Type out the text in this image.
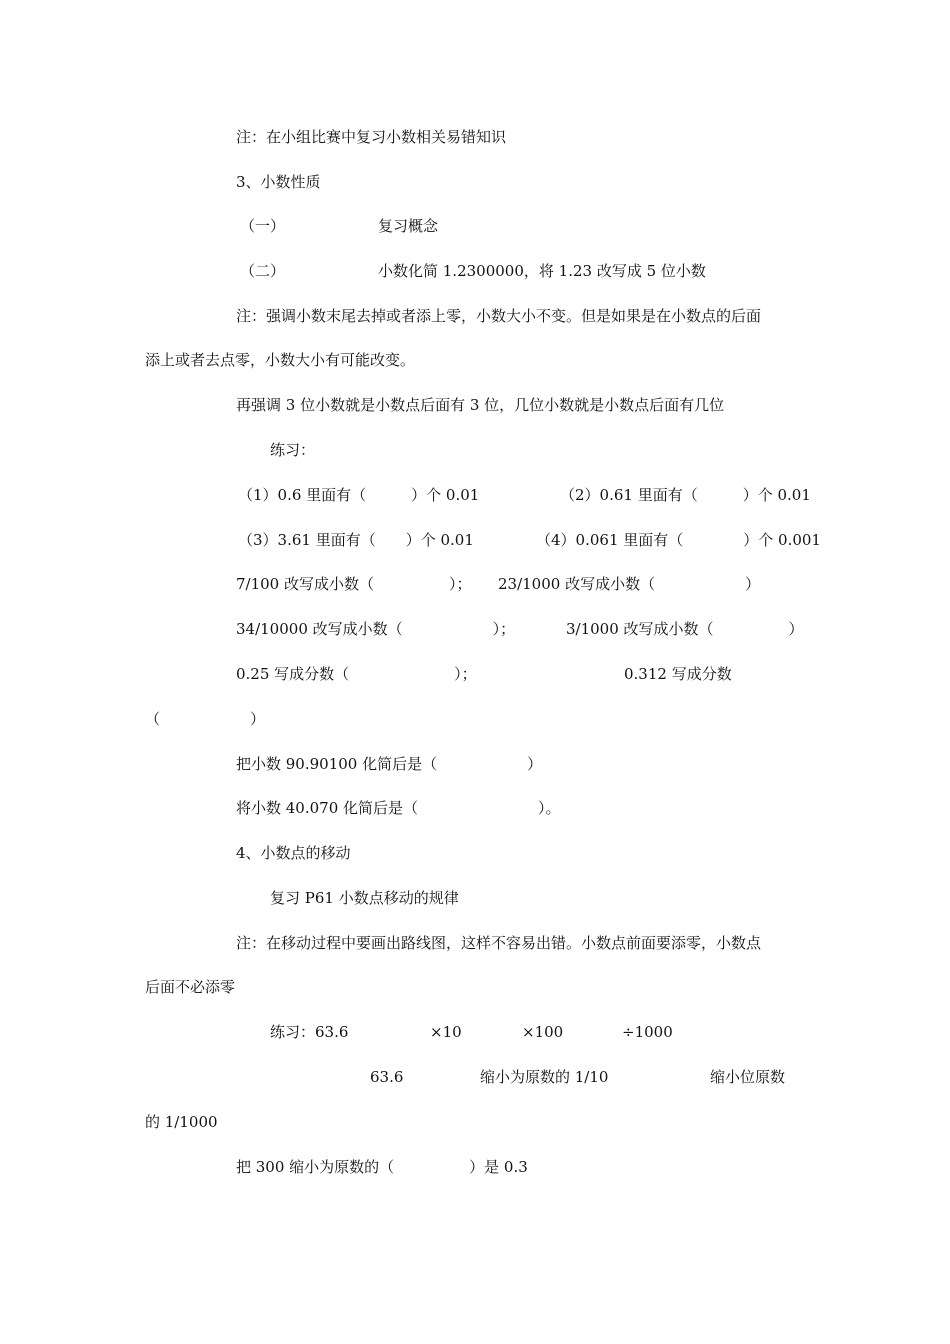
注：在小组比赛中复习小数相关易错知识
3、小数性质
（一）	复习概念
（二）	小数化简 1.2300000，将 1.23 改写成 5 位小数
注：强调小数末尾去掉或者添上零，小数大小不变。但是如果是在小数点的后面
添上或者去点零，小数大小有可能改变。
再强调 3 位小数就是小数点后面有 3 位，几位小数就是小数点后面有几位
练习：
（1）0.6 里面有（　　　）个 0.01	（2）0.61 里面有（　　　）个 0.01
（3）3.61 里面有（　　）个 0.01	（4）0.061 里面有（　　　　）个 0.001
7/100 改写成小数（　　　　　）； 23/1000 改写成小数（　　　　　　）
34/10000 改写成小数（　　　　　　）；	3/1000 改写成小数（　　　　　）
0.25 写成分数（　　　　　　　）；	0.312 写成分数
（　　　　　　）
把小数 90.90100 化简后是（　　　　　　）
将小数 40.070 化简后是（　　　　　　　　）。
4、小数点的移动
复习 P61 小数点移动的规律
注：在移动过程中要画出路线图，这样不容易出错。小数点前面要添零，小数点
后面不必添零
练习：63.6	×10	×100	÷1000
63.6	缩小为原数的 1/10	缩小位原数
的 1/1000
把 300 缩小为原数的（　　　　　）是 0.3
